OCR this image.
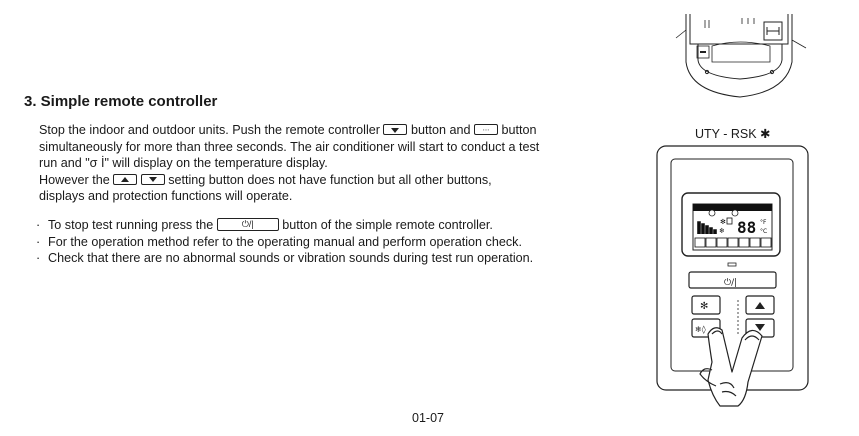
3. Simple remote controller
Stop the indoor and outdoor units. Push the remote controller button and ∙∙∙ button
simultaneously for more than three seconds. The air conditioner will start to conduct a test
run and "σ İ" will display on the temperature display.
However the	setting button does not have function but all other buttons,
displays and protection functions will operate.
· To stop test running press the	⏻/| button of the simple remote controller.
· For the operation method refer to the operating manual and perform operation check.
· Check that there are no abnormal sounds or vibration sounds during test run operation.
UTY - RSK ✱
01-07
✻
❄ 88 °F
°C
⏻/|
✻
❄◊
